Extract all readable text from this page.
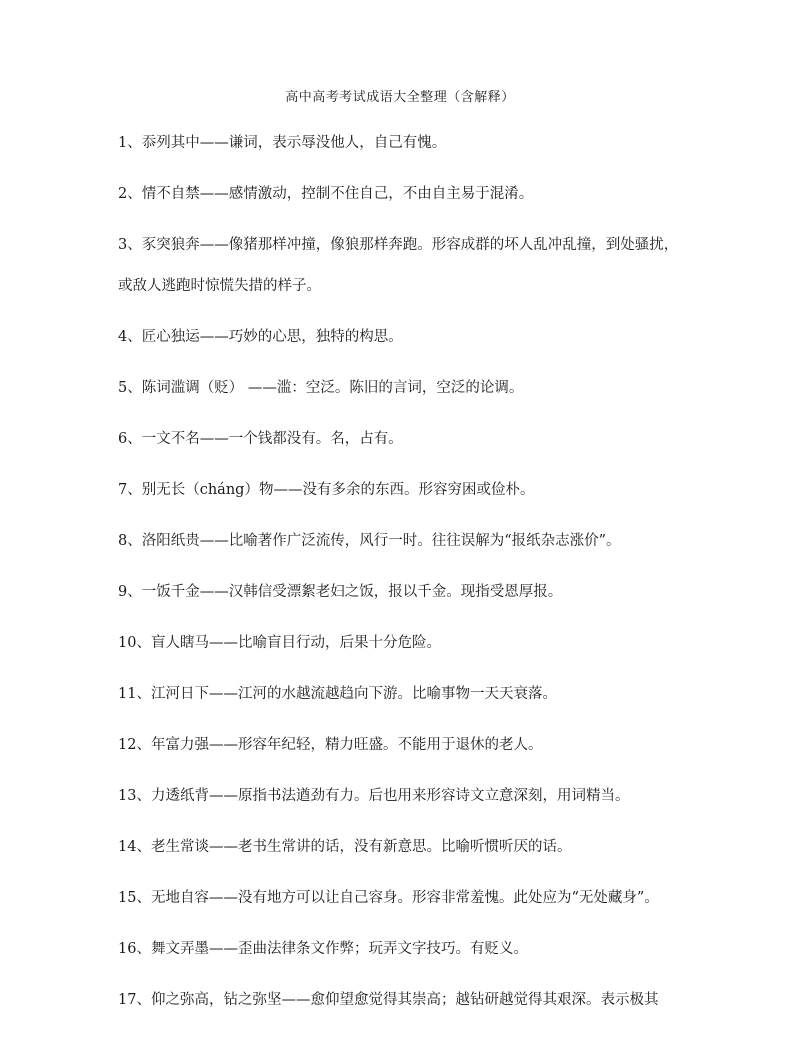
高中高考考试成语大全整理（含解释）
1、忝列其中——谦词，表示辱没他人，自己有愧。
2、情不自禁——感情激动，控制不住自己，不由自主易于混淆。
3、豕突狼奔——像猪那样冲撞，像狼那样奔跑。形容成群的坏人乱冲乱撞，到处骚扰，
或敌人逃跑时惊慌失措的样子。
4、匠心独运——巧妙的心思，独特的构思。
5、陈词滥调（贬） ——滥：空泛。陈旧的言词，空泛的论调。
6、一文不名——一个钱都没有。名，占有。
7、别无长（cháng）物——没有多余的东西。形容穷困或俭朴。
8、洛阳纸贵——比喻著作广泛流传，风行一时。往往误解为“报纸杂志涨价”。
9、一饭千金——汉韩信受漂絮老妇之饭，报以千金。现指受恩厚报。
10、盲人瞎马——比喻盲目行动，后果十分危险。
11、江河日下——江河的水越流越趋向下游。比喻事物一天天衰落。
12、年富力强——形容年纪轻，精力旺盛。不能用于退休的老人。
13、力透纸背——原指书法遒劲有力。后也用来形容诗文立意深刻，用词精当。
14、老生常谈——老书生常讲的话，没有新意思。比喻听惯听厌的话。
15、无地自容——没有地方可以让自己容身。形容非常羞愧。此处应为“无处藏身”。
16、舞文弄墨——歪曲法律条文作弊；玩弄文字技巧。有贬义。
17、仰之弥高，钻之弥坚——愈仰望愈觉得其崇高；越钻研越觉得其艰深。表示极其
